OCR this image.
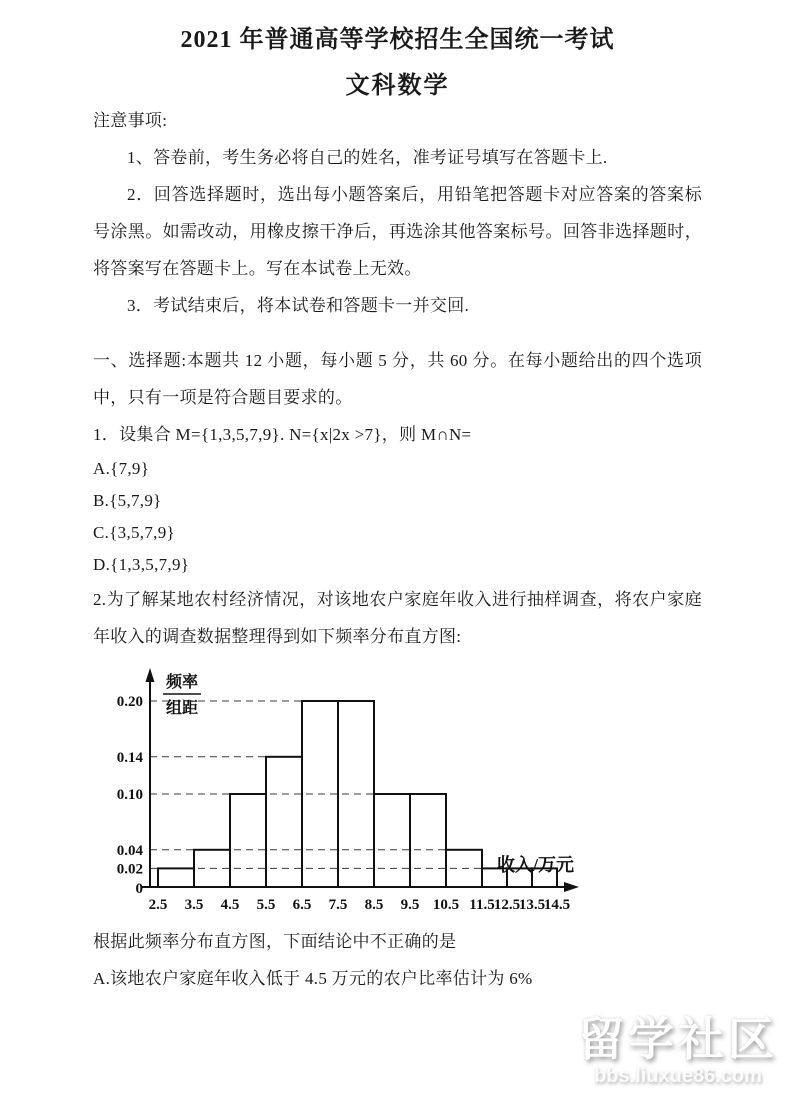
2021 年普通高等学校招生全国统一考试
文科数学

注意事项:

1、答卷前，考生务必将自己的姓名，准考证号填写在答题卡上.

2．回答选择题时，选出每小题答案后，用铅笔把答题卡对应答案的答案标号涂黑。如需改动，用橡皮擦干净后，再选涂其他答案标号。回答非选择题时，将答案写在答题卡上。写在本试卷上无效。

3．考试结束后，将本试卷和答题卡一并交回.

一、选择题:本题共 12 小题，每小题 5 分，共 60 分。在每小题给出的四个选项中，只有一项是符合题目要求的。

1．设集合 M={1,3,5,7,9}. N={x|2x >7}，则 M∩N=

A.{7,9}

B.{5,7,9}

C.{3,5,7,9}

D.{1,3,5,7,9}

2.为了解某地农村经济情况，对该地农户家庭年收入进行抽样调查，将农户家庭年收入的调查数据整理得到如下频率分布直方图:

0.02
0.04
0.10
0.14
0.20
0
频率
组距
收入/万元
2.5 3.5 4.5 5.5 6.5 7.5 8.5 9.5 10.5 11.5 12.5
13.5
14.5

根据此频率分布直方图，下面结论中不正确的是

A.该地农户家庭年收入低于 4.5 万元的农户比率估计为 6%

留学社区
bbs.liuxue86.com
